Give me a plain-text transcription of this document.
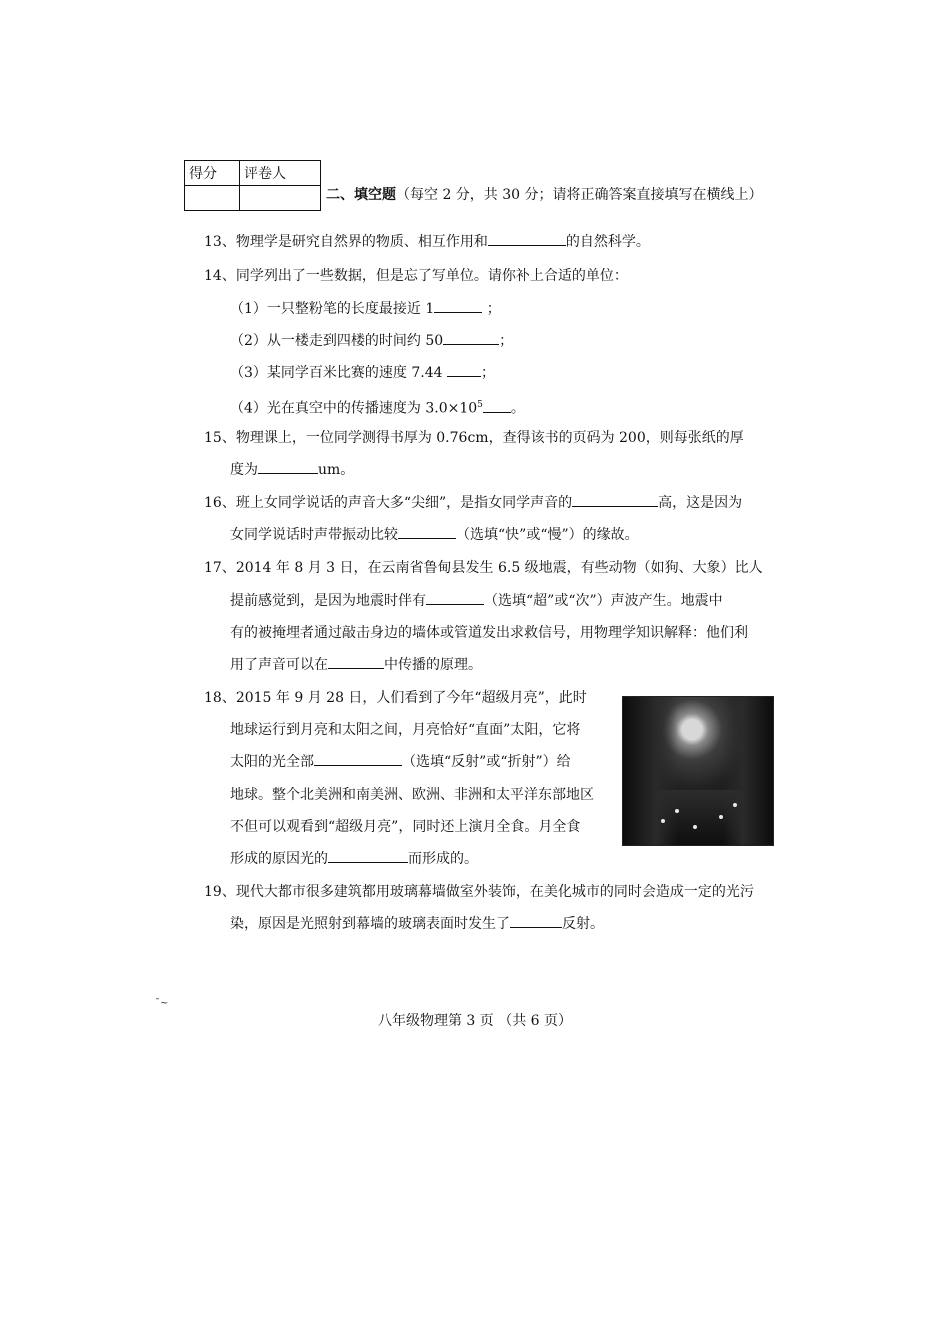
得分	评卷人

二、填空题（每空 2 分，共 30 分；请将正确答案直接填写在横线上）
13、物理学是研究自然界的物质、相互作用和	的自然科学。
14、同学列出了一些数据，但是忘了写单位。请你补上合适的单位：
（1）一只整粉笔的长度最接近 1	；
（2）从一楼走到四楼的时间约 50	；
（3）某同学百米比赛的速度 7.44 ；
（4）光在真空中的传播速度为 $3.0\times 10^5$ 。
15、物理课上，一位同学测得书厚为 0.76cm，查得该书的页码为 200，则每张纸的厚
度为	um。
16、班上女同学说话的声音大多“尖细”，是指女同学声音的	高，这是因为
女同学说话时声带振动比较	（选填“快”或“慢”）的缘故。
17、2014 年 8 月 3 日，在云南省鲁甸县发生 6.5 级地震，有些动物（如狗、大象）比人
提前感觉到，是因为地震时伴有	（选填“超”或“次”）声波产生。地震中
有的被掩埋者通过敲击身边的墙体或管道发出求救信号，用物理学知识解释：他们利
用了声音可以在	中传播的原理。
18、2015 年 9 月 28 日，人们看到了今年“超级月亮”，此时
地球运行到月亮和太阳之间，月亮恰好“直面”太阳，它将
太阳的光全部	（选填“反射”或“折射”）给
地球。整个北美洲和南美洲、欧洲、非洲和太平洋东部地区
不但可以观看到“超级月亮”，同时还上演月全食。月全食
形成的原因光的	而形成的。
19、现代大都市很多建筑都用玻璃幕墙做室外装饰，在美化城市的同时会造成一定的光污
染，原因是光照射到幕墙的玻璃表面时发生了	反射。
ˉ~
八年级物理第 3 页 （共 6 页）
